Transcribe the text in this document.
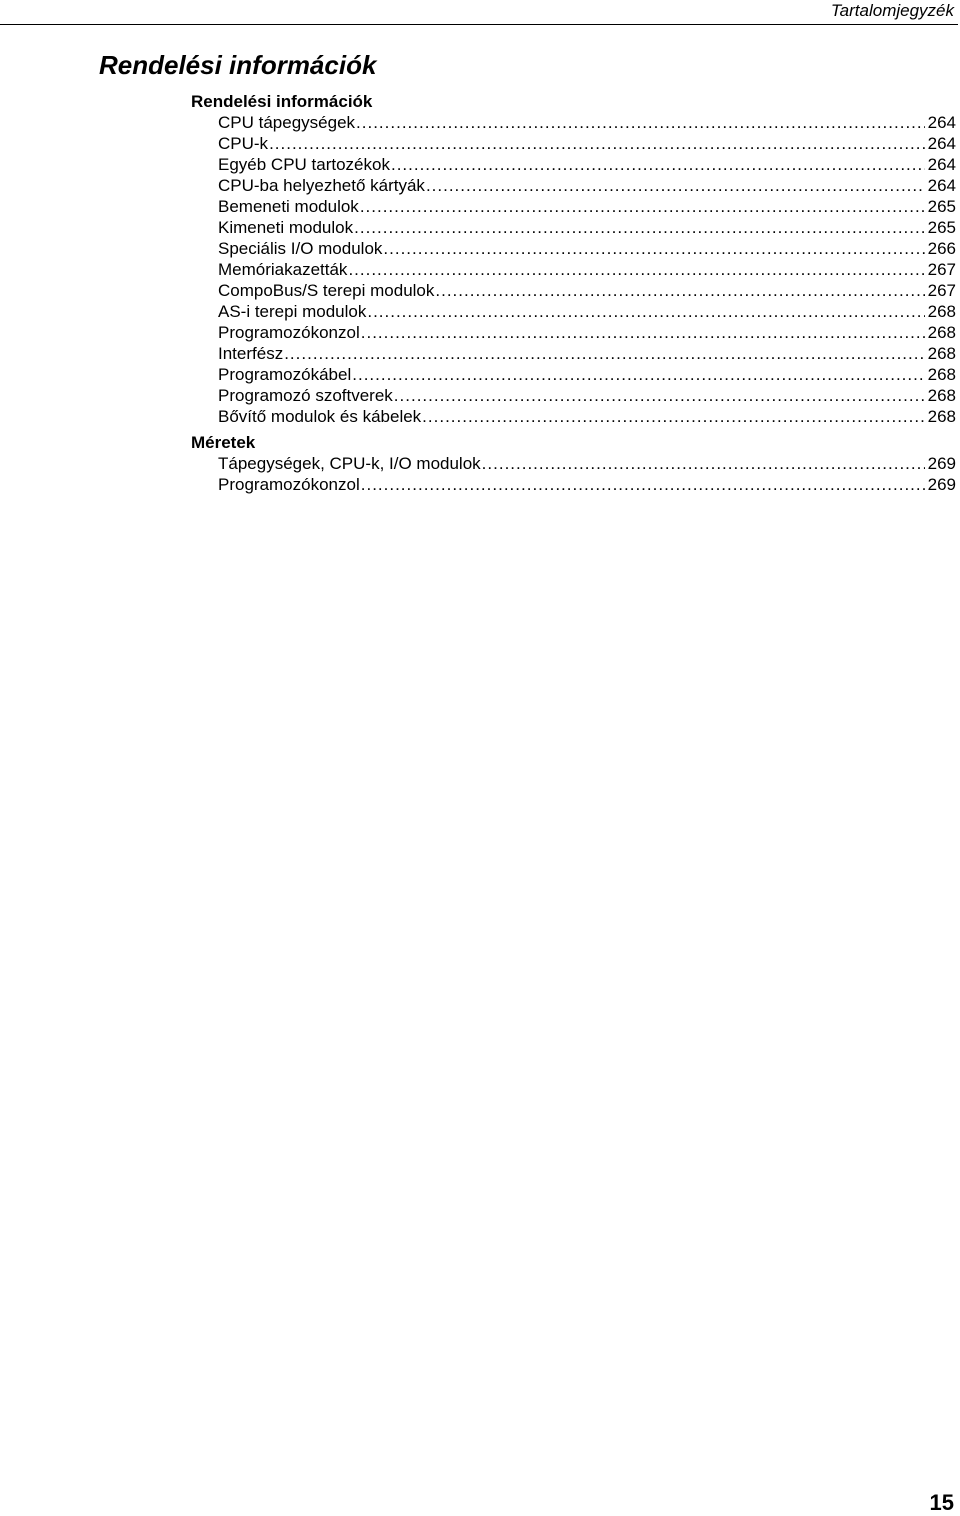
Tartalomjegyzék
Rendelési információk
Rendelési információk
CPU tápegységek .....	264
CPU-k .....	264
Egyéb CPU tartozékok .....	264
CPU-ba helyezhető kártyák .....	264
Bemeneti modulok .....	265
Kimeneti modulok .....	265
Speciális I/O modulok .....	266
Memóriakazetták .....	267
CompoBus/S terepi modulok .....	267
AS-i terepi modulok .....	268
Programozókonzol .....	268
Interfész .....	268
Programozókábel .....	268
Programozó szoftverek .....	268
Bővítő modulok és kábelek .....	268
Méretek
Tápegységek, CPU-k, I/O modulok .....	269
Programozókonzol .....	269
15
